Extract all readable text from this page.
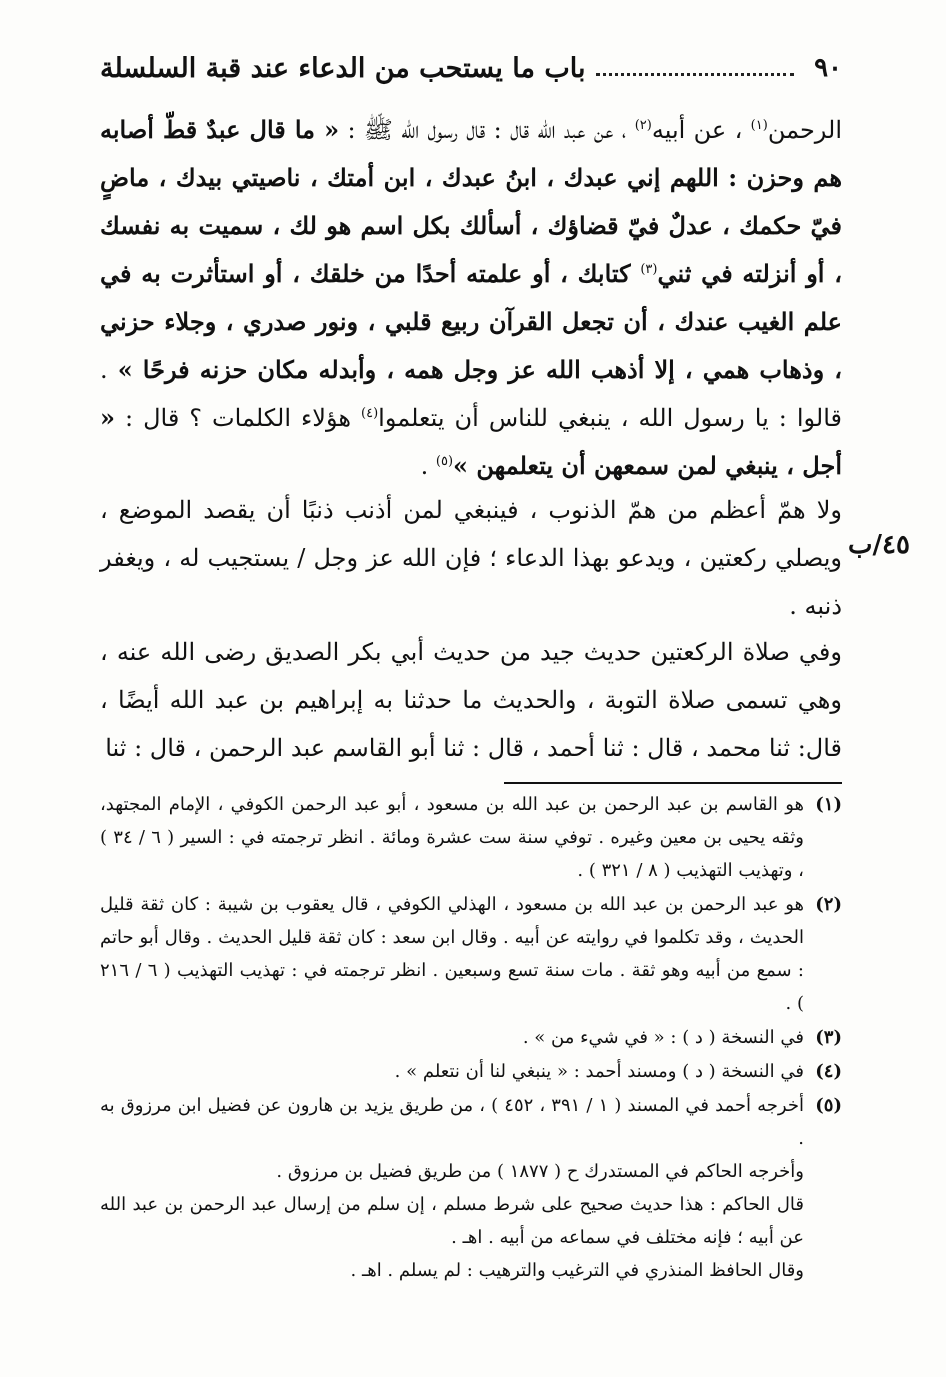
٩٠
باب ما يستحب من الدعاء عند قبة السلسلة
الرحمن$^{(١)}$ ، عن أبيه$^{(٢)}$ ، عن عبد الله قال : قال رسول الله ﷺ : « ما قال عبدٌ قطّ أصابه هم وحزن : اللهم إني عبدك ، ابنُ عبدك ، ابن أمتك ، ناصيتي بيدك ، ماضٍ فيّ حكمك ، عدلٌ فيّ قضاؤك ، أسألك بكل اسم هو لك ، سميت به نفسك ، أو أنزلته في ثني$^{(٣)}$ كتابك ، أو علمته أحدًا من خلقك ، أو استأثرت به في علم الغيب عندك ، أن تجعل القرآن ربيع قلبي ، ونور صدري ، وجلاء حزني ، وذهاب همي ، إلا أذهب الله عز وجل همه ، وأبدله مكان حزنه فرحًا » . قالوا : يا رسول الله ، ينبغي للناس أن يتعلموا$^{(٤)}$ هؤلاء الكلمات ؟ قال : « أجل ، ينبغي لمن سمعهن أن يتعلمهن »$^{(٥)}$ .
ولا همّ أعظم من همّ الذنوب ، فينبغي لمن أذنب ذنبًا أن يقصد الموضع ، ويصلي ركعتين ، ويدعو بهذا الدعاء ؛ فإن الله عز وجل / يستجيب له ، ويغفر ذنبه .
٤٥/ب
وفي صلاة الركعتين حديث جيد من حديث أبي بكر الصديق رضى الله عنه ، وهي تسمى صلاة التوبة ، والحديث ما حدثنا به إبراهيم بن عبد الله أيضًا ، قال: ثنا محمد ، قال : ثنا أحمد ، قال : ثنا أبو القاسم عبد الرحمن ، قال : ثنا
(١)
هو القاسم بن عبد الرحمن بن عبد الله بن مسعود ، أبو عبد الرحمن الكوفي ، الإمام المجتهد، وثقه يحيى بن معين وغيره . توفي سنة ست عشرة ومائة . انظر ترجمته في : السير ( ٦ / ٣٤ ) ، وتهذيب التهذيب ( ٨ / ٣٢١ ) .
(٢)
هو عبد الرحمن بن عبد الله بن مسعود ، الهذلي الكوفي ، قال يعقوب بن شيبة : كان ثقة قليل الحديث ، وقد تكلموا في روايته عن أبيه . وقال ابن سعد : كان ثقة قليل الحديث . وقال أبو حاتم : سمع من أبيه وهو ثقة . مات سنة تسع وسبعين . انظر ترجمته في : تهذيب التهذيب ( ٦ / ٢١٦ ) .
(٣)
في النسخة ( د ) : « في شيء من » .
(٤)
في النسخة ( د ) ومسند أحمد : « ينبغي لنا أن نتعلم » .
(٥)
أخرجه أحمد في المسند ( ١ / ٣٩١ ، ٤٥٢ ) ، من طريق يزيد بن هارون عن فضيل ابن مرزوق به .
وأخرجه الحاكم في المستدرك ح ( ١٨٧٧ ) من طريق فضيل بن مرزوق .
قال الحاكم : هذا حديث صحيح على شرط مسلم ، إن سلم من إرسال عبد الرحمن بن عبد الله عن أبيه ؛ فإنه مختلف في سماعه من أبيه . اهـ .
وقال الحافظ المنذري في الترغيب والترهيب : لم يسلم . اهـ .
